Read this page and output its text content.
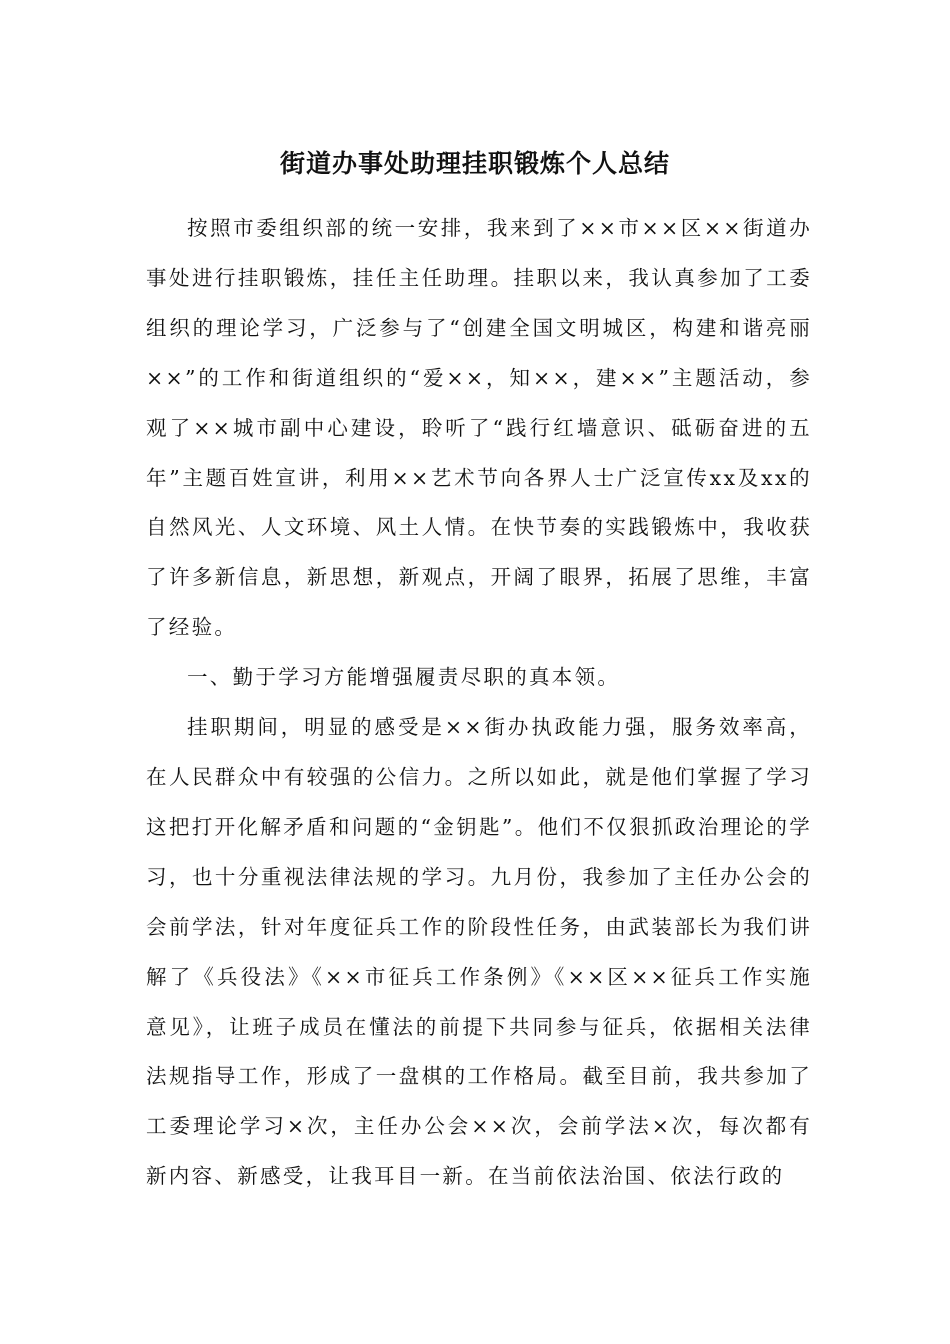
街道办事处助理挂职锻炼个人总结

按照市委组织部的统一安排，我来到了××市××区××街道办事处进行挂职锻炼，挂任主任助理。挂职以来，我认真参加了工委组织的理论学习，广泛参与了“创建全国文明城区，构建和谐亮丽××”的工作和街道组织的“爱××，知××，建××”主题活动，参观了××城市副中心建设，聆听了“践行红墙意识、砥砺奋进的五年”主题百姓宣讲，利用××艺术节向各界人士广泛宣传xx及xx的自然风光、人文环境、风土人情。在快节奏的实践锻炼中，我收获了许多新信息，新思想，新观点，开阔了眼界，拓展了思维，丰富了经验。

一、勤于学习方能增强履责尽职的真本领。

挂职期间，明显的感受是××街办执政能力强，服务效率高，在人民群众中有较强的公信力。之所以如此，就是他们掌握了学习这把打开化解矛盾和问题的“金钥匙”。他们不仅狠抓政治理论的学习，也十分重视法律法规的学习。九月份，我参加了主任办公会的会前学法，针对年度征兵工作的阶段性任务，由武装部长为我们讲解了《兵役法》《××市征兵工作条例》《××区××征兵工作实施意见》，让班子成员在懂法的前提下共同参与征兵，依据相关法律法规指导工作，形成了一盘棋的工作格局。截至目前，我共参加了工委理论学习×次，主任办公会××次，会前学法×次，每次都有新内容、新感受，让我耳目一新。在当前依法治国、依法行政的
